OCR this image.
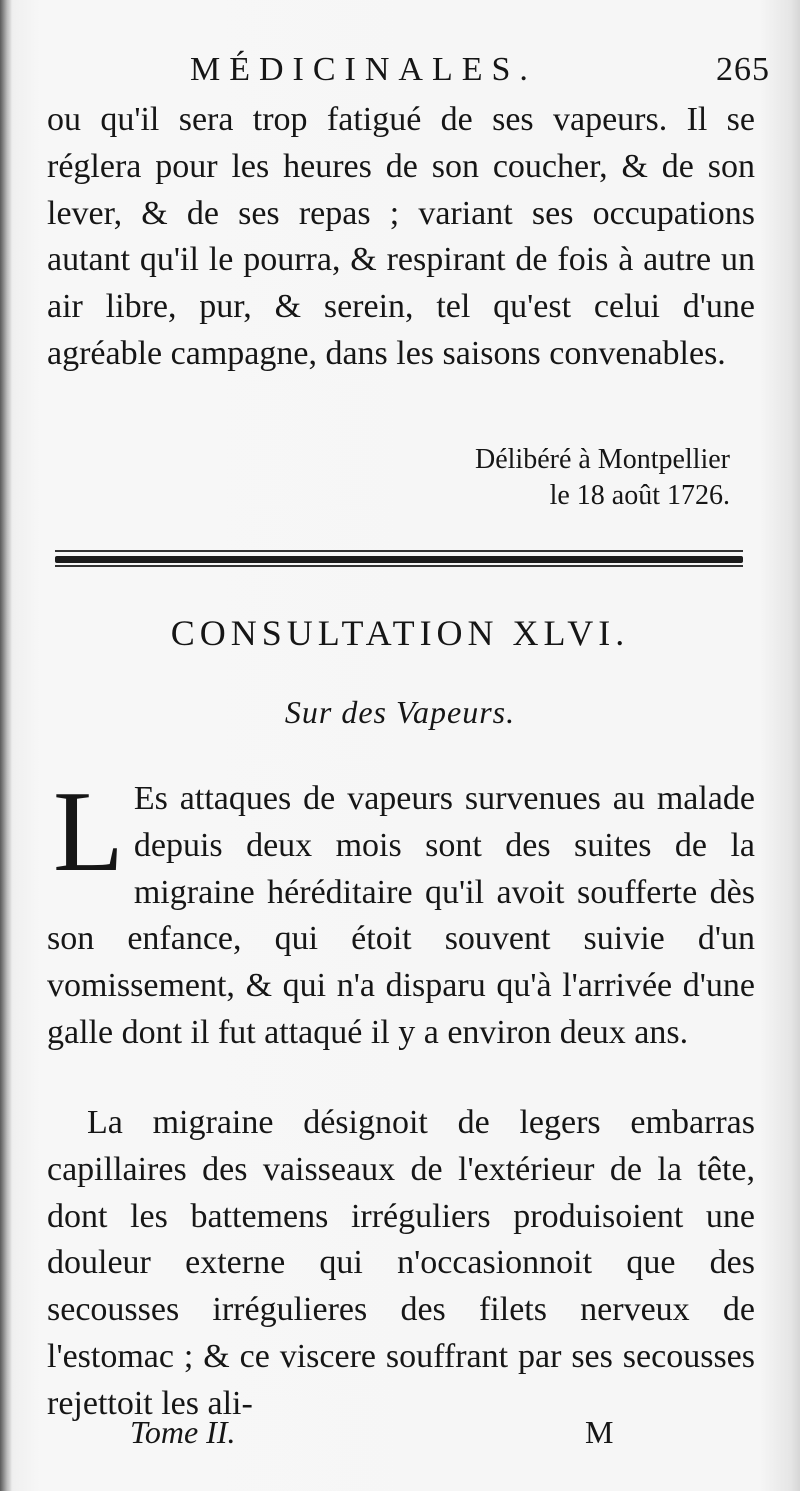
MÉDICINALES.	265

ou qu'il sera trop fatigué de ses vapeurs. Il se réglera pour les heures de son coucher, & de son lever, & de ses repas ; variant ses occupations autant qu'il le pourra, & respirant de fois à autre un air libre, pur, & serein, tel qu'est celui d'une agréable campagne, dans les saisons convenables.

Délibéré à Montpellier
le 18 août 1726.
CONSULTATION XLVI.
Sur des Vapeurs.

L Es attaques de vapeurs survenues au malade depuis deux mois sont des suites de la migraine héréditaire qu'il avoit soufferte dès son enfance, qui étoit souvent suivie d'un vomissement, & qui n'a disparu qu'à l'arrivée d'une galle dont il fut attaqué il y a environ deux ans.

La migraine désignoit de legers embarras capillaires des vaisseaux de l'extérieur de la tête, dont les battemens irréguliers produisoient une douleur externe qui n'occasionnoit que des secousses irrégulieres des filets nerveux de l'estomac ; & ce viscere souffrant par ses secousses rejettoit les ali-

Tome II.	M
